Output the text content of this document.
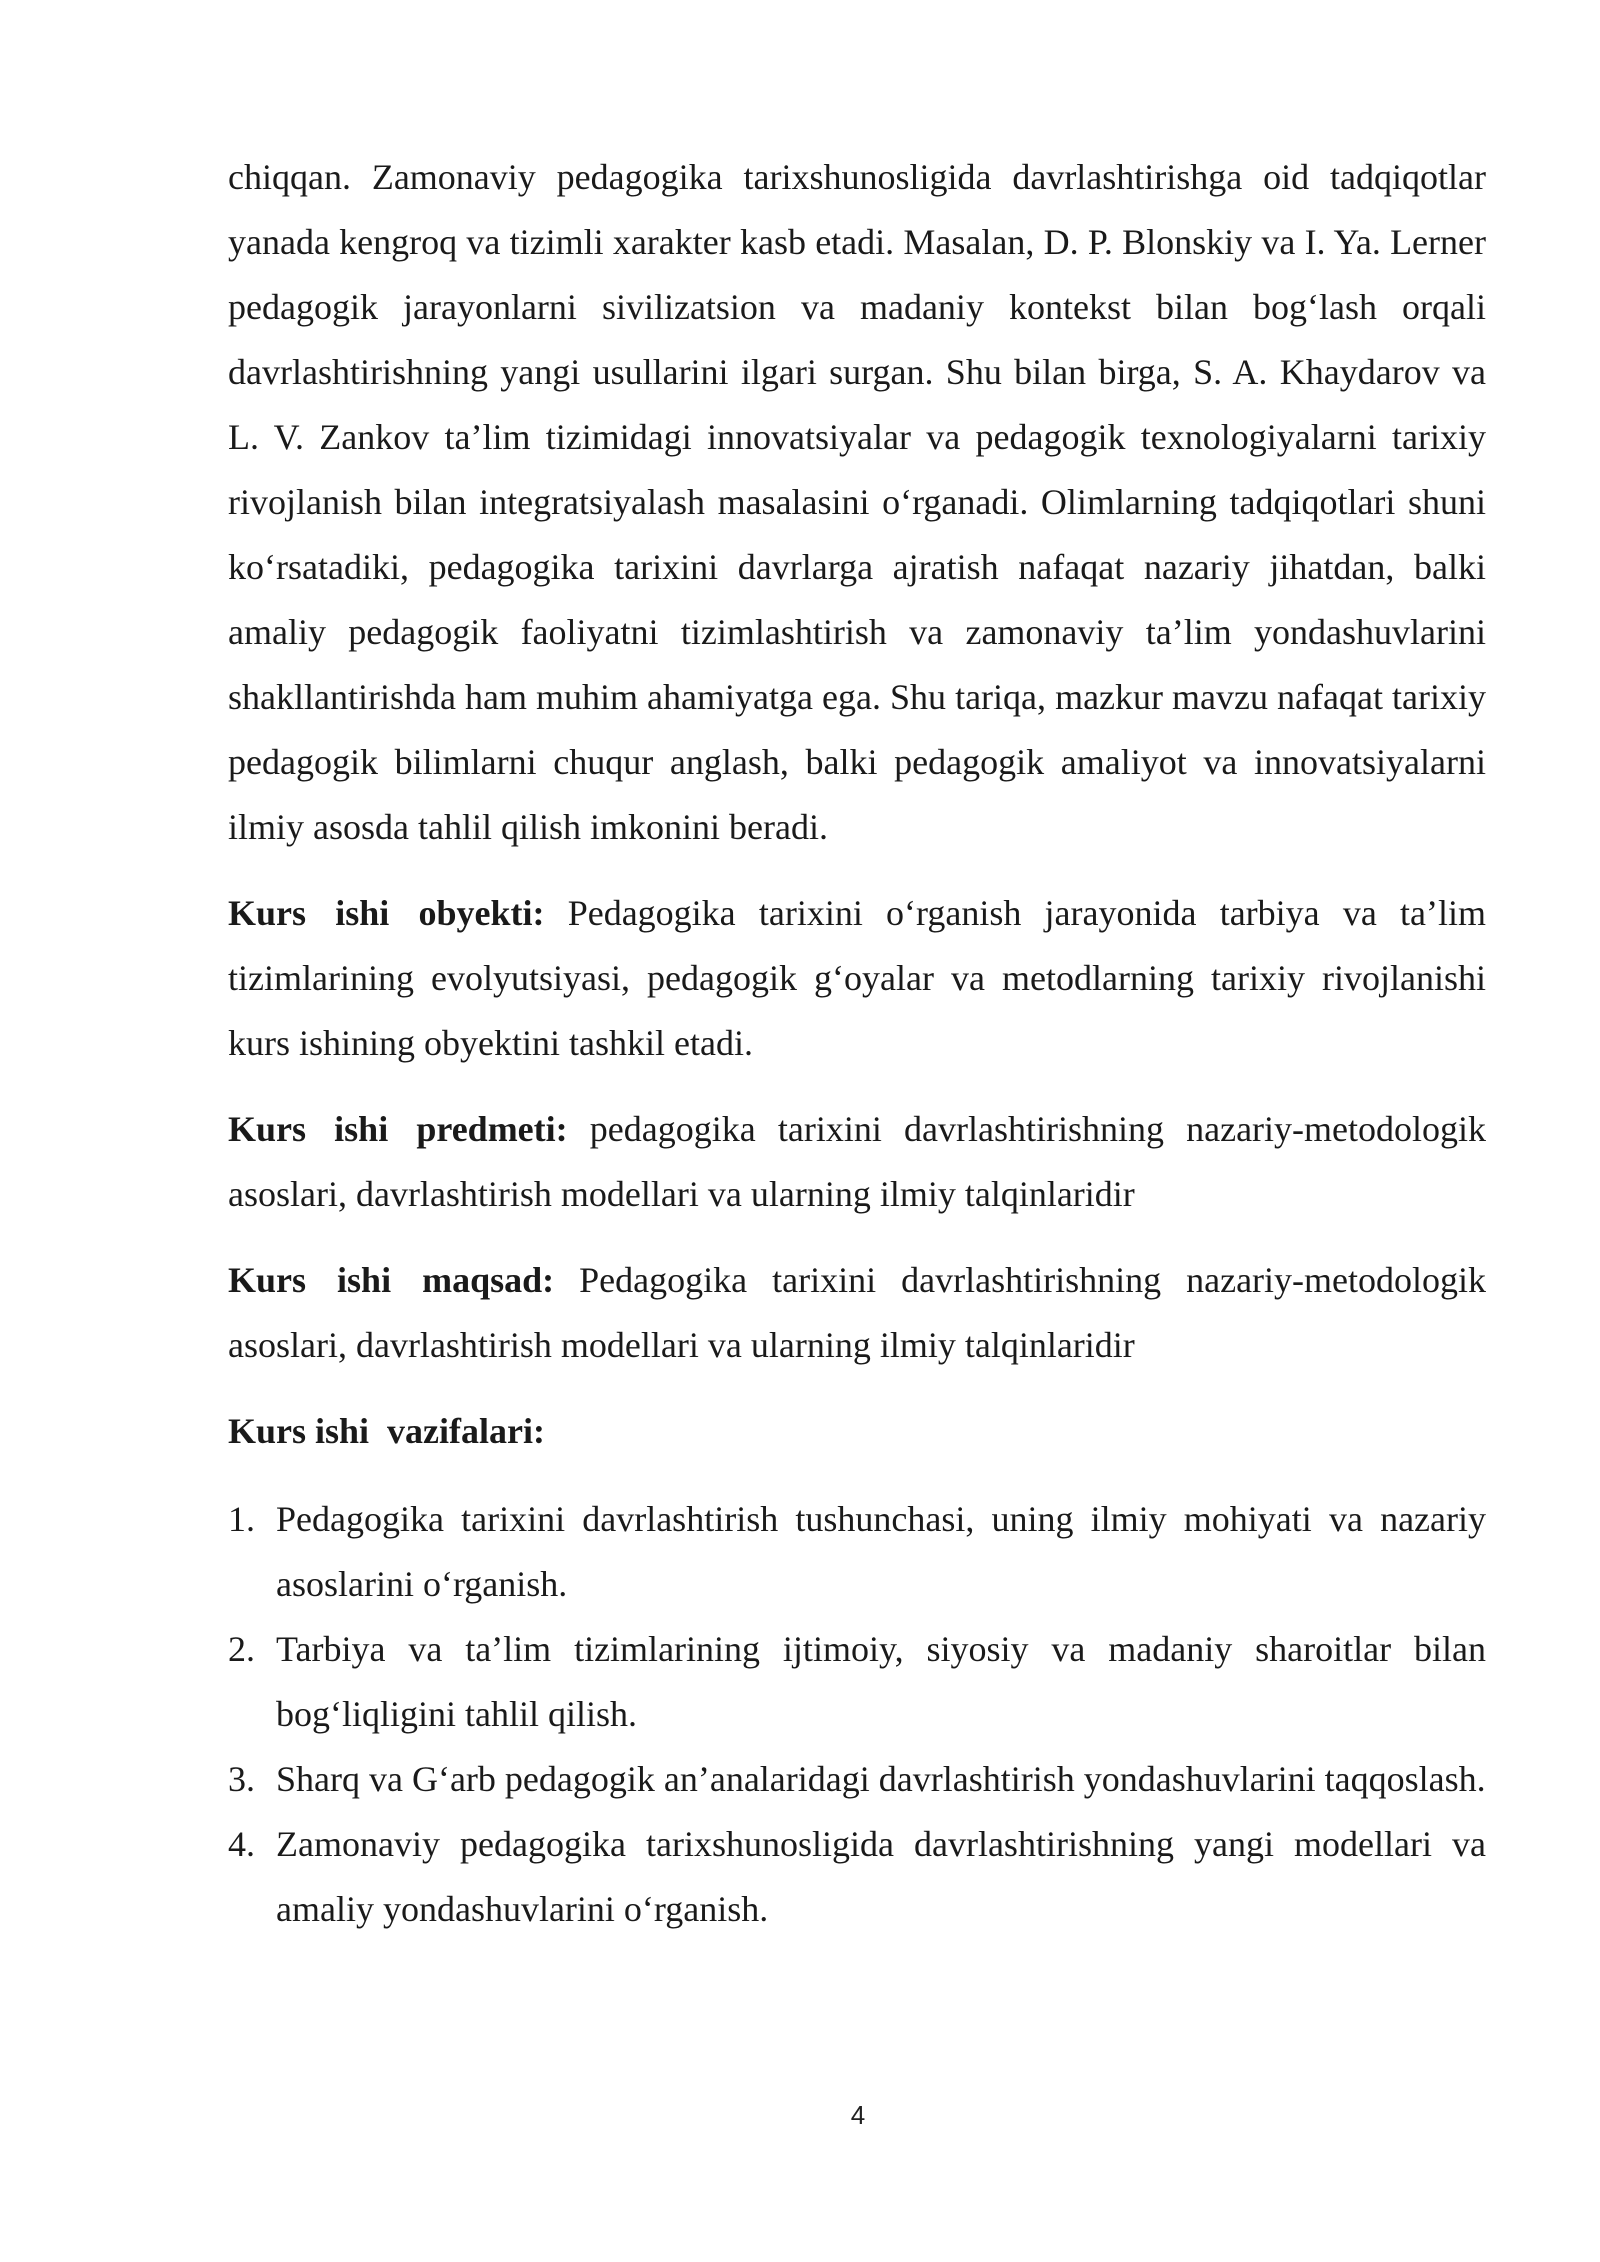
chiqqan. Zamonaviy pedagogika tarixshunosligida davrlashtirishga oid tadqiqotlar yanada kengroq va tizimli xarakter kasb etadi. Masalan, D. P. Blonskiy va I. Ya. Lerner pedagogik jarayonlarni sivilizatsion va madaniy kontekst bilan bog‘lash orqali davrlashtirishning yangi usullarini ilgari surgan. Shu bilan birga, S. A. Khaydarov va L. V. Zankov ta’lim tizimidagi innovatsiyalar va pedagogik texnologiyalarni tarixiy rivojlanish bilan integratsiyalash masalasini o‘rganadi. Olimlarning tadqiqotlari shuni ko‘rsatadiki, pedagogika tarixini davrlarga ajratish nafaqat nazariy jihatdan, balki amaliy pedagogik faoliyatni tizimlashtirish va zamonaviy ta’lim yondashuvlarini shakllantirishda ham muhim ahamiyatga ega. Shu tariqa, mazkur mavzu nafaqat tarixiy pedagogik bilimlarni chuqur anglash, balki pedagogik amaliyot va innovatsiyalarni ilmiy asosda tahlil qilish imkonini beradi.

Kurs ishi obyekti: Pedagogika tarixini o‘rganish jarayonida tarbiya va ta’lim tizimlarining evolyutsiyasi, pedagogik g‘oyalar va metodlarning tarixiy rivojlanishi kurs ishining obyektini tashkil etadi.

Kurs ishi predmeti: pedagogika tarixini davrlashtirishning nazariy-metodologik asoslari, davrlashtirish modellari va ularning ilmiy talqinlaridir

Kurs ishi maqsad: Pedagogika tarixini davrlashtirishning nazariy-metodologik asoslari, davrlashtirish modellari va ularning ilmiy talqinlaridir

Kurs ishi  vazifalari:

1. Pedagogika tarixini davrlashtirish tushunchasi, uning ilmiy mohiyati va nazariy asoslarini o‘rganish.
2. Tarbiya va ta’lim tizimlarining ijtimoiy, siyosiy va madaniy sharoitlar bilan bog‘liqligini tahlil qilish.
3. Sharq va G‘arb pedagogik an’analaridagi davrlashtirish yondashuvlarini taqqoslash.
4. Zamonaviy pedagogika tarixshunosligida davrlashtirishning yangi modellari va amaliy yondashuvlarini o‘rganish.
4
